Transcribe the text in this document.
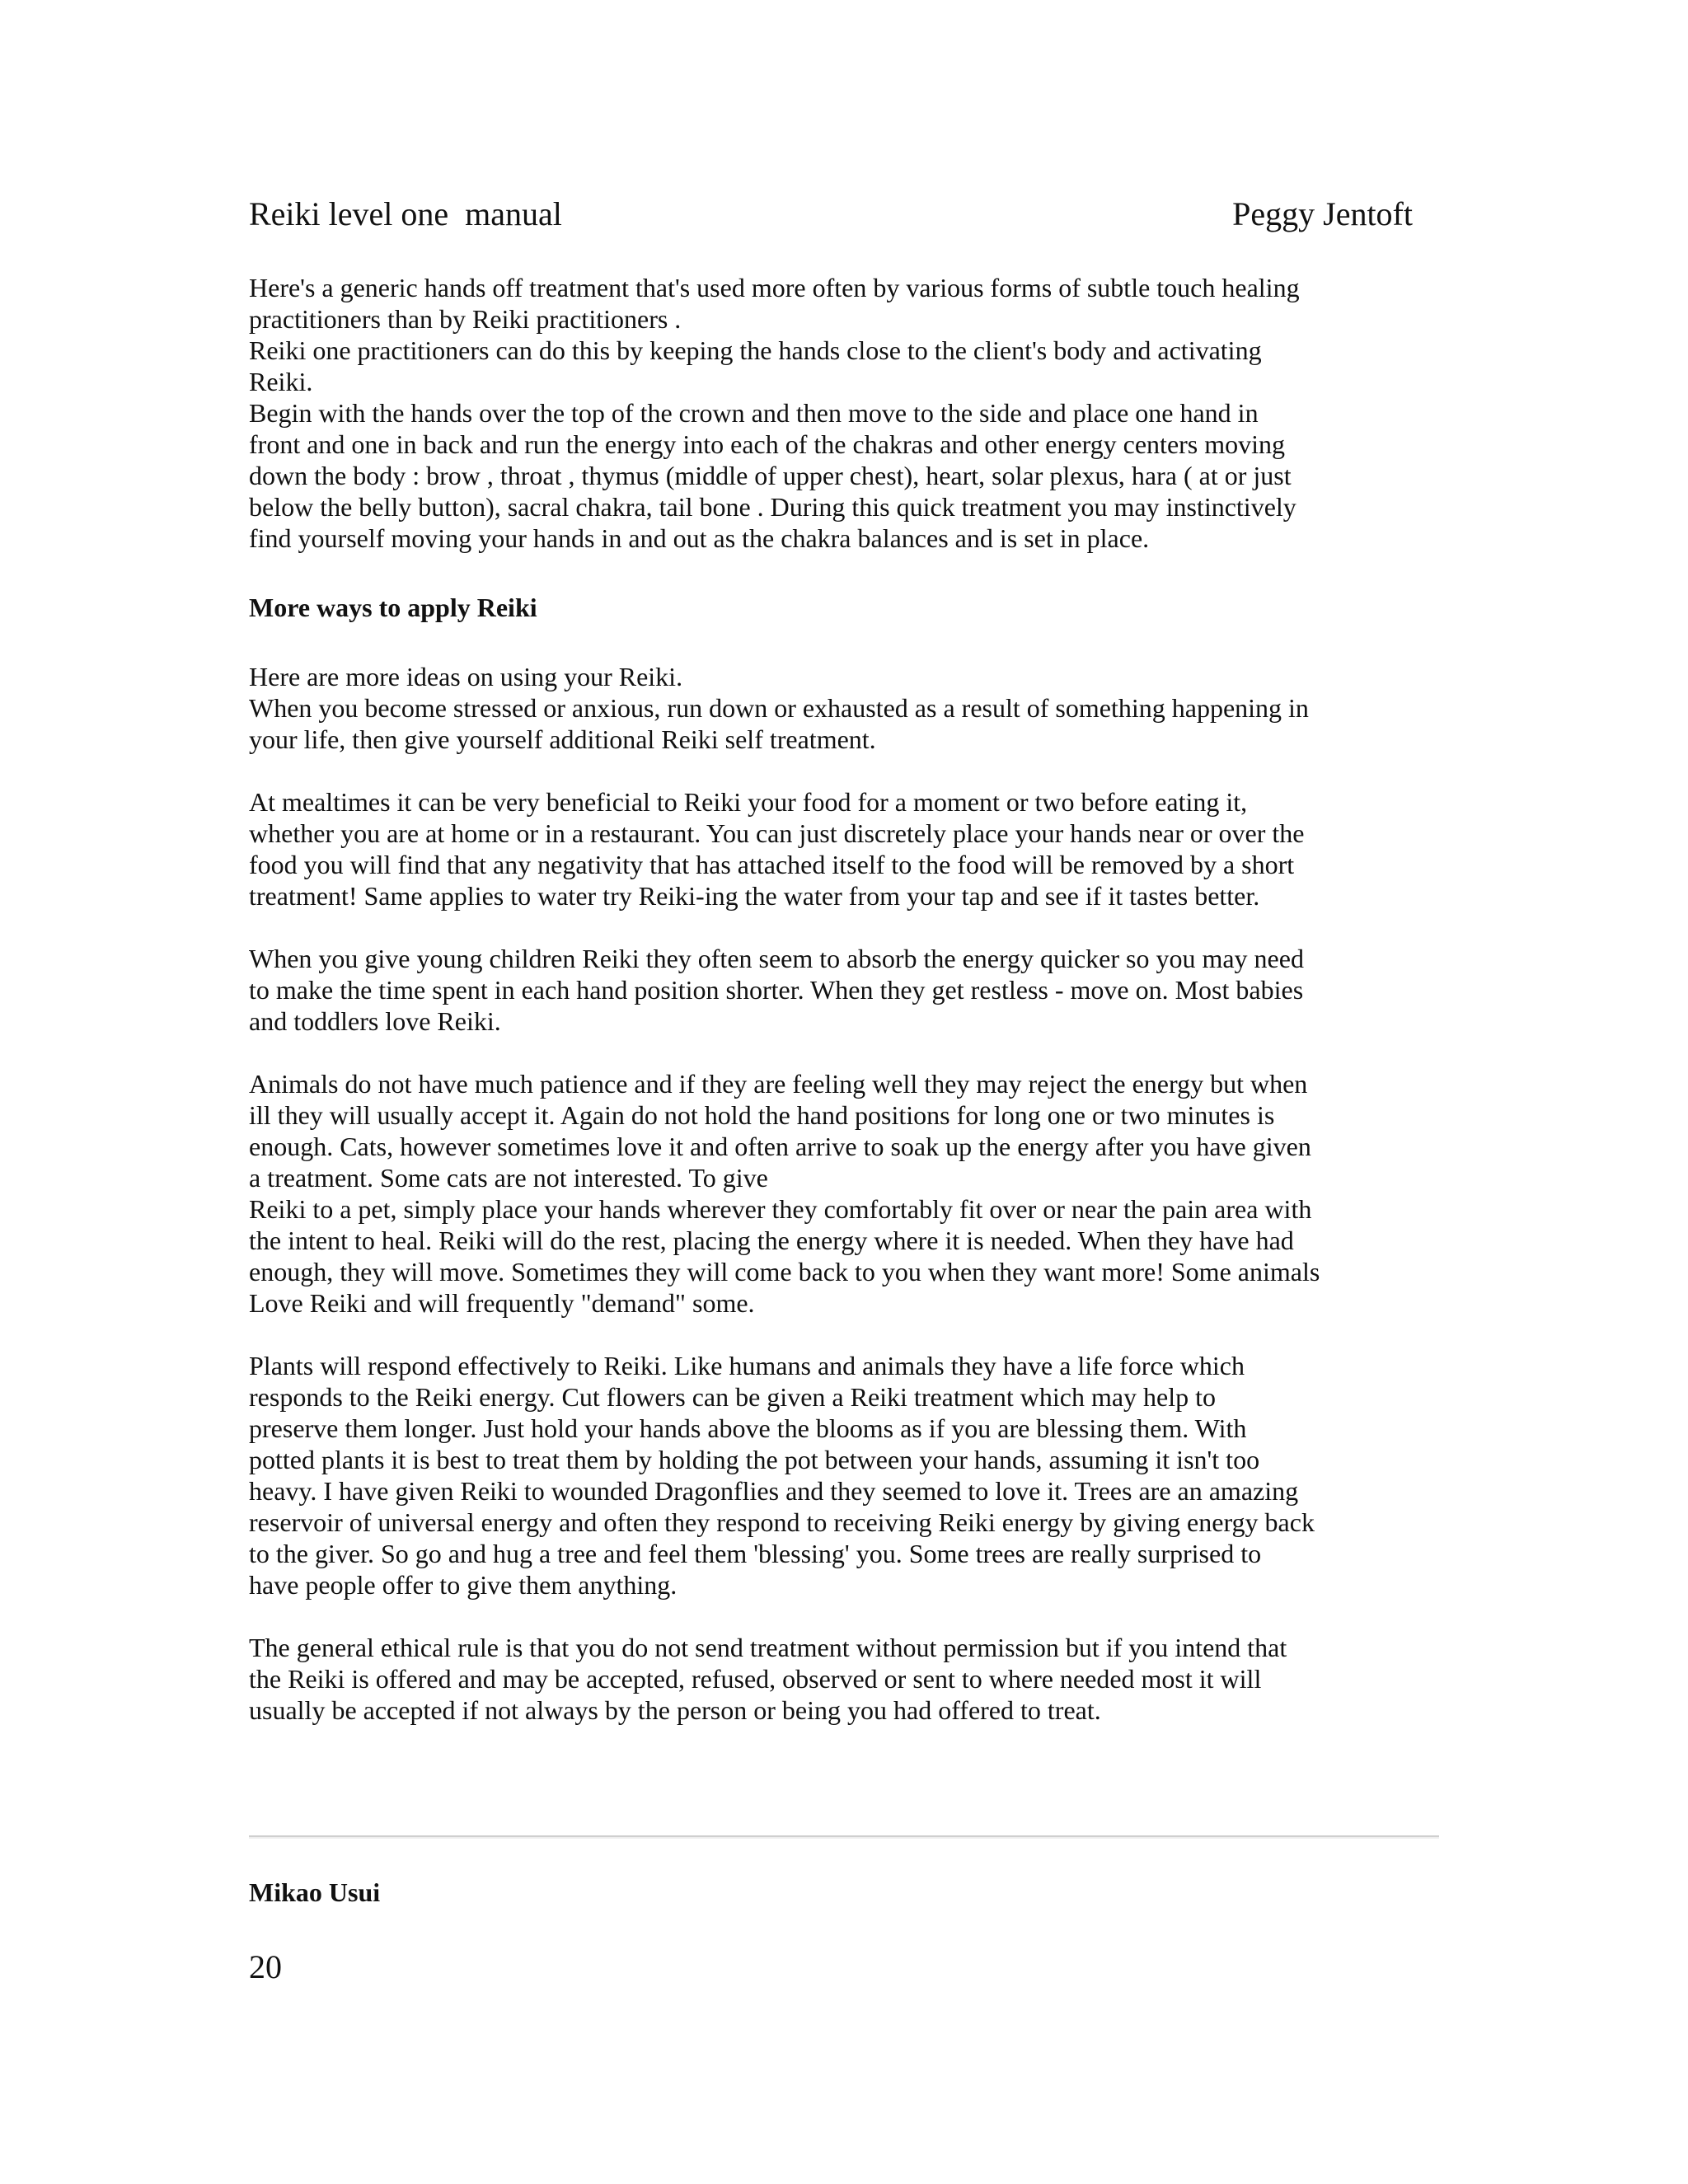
Reiki level one  manual	Peggy Jentoft

Here's a generic hands off treatment that's used more often by various forms of subtle touch healing
practitioners than by Reiki practitioners .
Reiki one practitioners can do this by keeping the hands close to the client's body and activating
Reiki.
Begin with the hands over the top of the crown and then move to the side and place one hand in
front and one in back and run the energy into each of the chakras and other energy centers moving
down the body : brow , throat , thymus (middle of upper chest), heart, solar plexus, hara ( at or just
below the belly button), sacral chakra, tail bone . During this quick treatment you may instinctively
find yourself moving your hands in and out as the chakra balances and is set in place.

More ways to apply Reiki

Here are more ideas on using your Reiki.
When you become stressed or anxious, run down or exhausted as a result of something happening in
your life, then give yourself additional Reiki self treatment.

At mealtimes it can be very beneficial to Reiki your food for a moment or two before eating it,
whether you are at home or in a restaurant. You can just discretely place your hands near or over the
food you will find that any negativity that has attached itself to the food will be removed by a short
treatment! Same applies to water try Reiki-ing the water from your tap and see if it tastes better.

When you give young children Reiki they often seem to absorb the energy quicker so you may need
to make the time spent in each hand position shorter. When they get restless - move on. Most babies
and toddlers love Reiki.

Animals do not have much patience and if they are feeling well they may reject the energy but when
ill they will usually accept it. Again do not hold the hand positions for long one or two minutes is
enough. Cats, however sometimes love it and often arrive to soak up the energy after you have given
a treatment. Some cats are not interested. To give
Reiki to a pet, simply place your hands wherever they comfortably fit over or near the pain area with
the intent to heal. Reiki will do the rest, placing the energy where it is needed. When they have had
enough, they will move. Sometimes they will come back to you when they want more! Some animals
Love Reiki and will frequently "demand" some.

Plants will respond effectively to Reiki. Like humans and animals they have a life force which
responds to the Reiki energy. Cut flowers can be given a Reiki treatment which may help to
preserve them longer. Just hold your hands above the blooms as if you are blessing them. With
potted plants it is best to treat them by holding the pot between your hands, assuming it isn't too
heavy. I have given Reiki to wounded Dragonflies and they seemed to love it. Trees are an amazing
reservoir of universal energy and often they respond to receiving Reiki energy by giving energy back
to the giver. So go and hug a tree and feel them 'blessing' you. Some trees are really surprised to
have people offer to give them anything.

The general ethical rule is that you do not send treatment without permission but if you intend that
the Reiki is offered and may be accepted, refused, observed or sent to where needed most it will
usually be accepted if not always by the person or being you had offered to treat.

Mikao Usui
20
